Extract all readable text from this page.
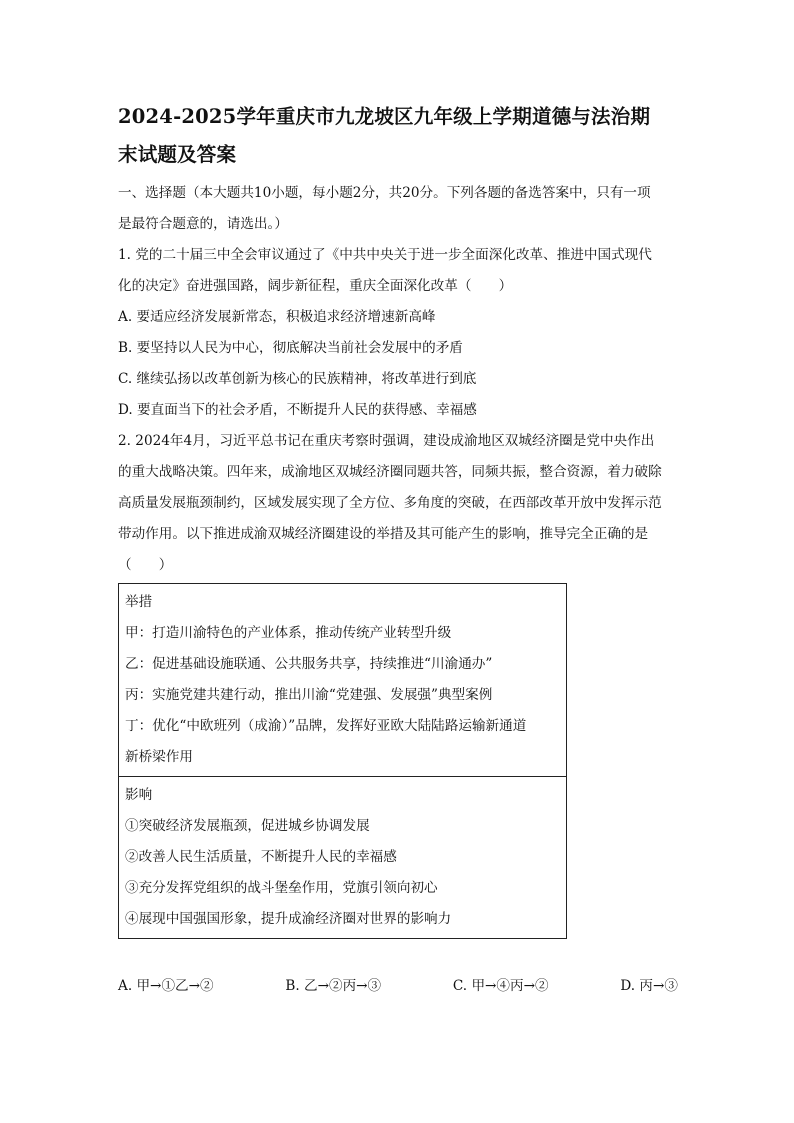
2024-2025学年重庆市九龙坡区九年级上学期道德与法治期
末试题及答案

一、选择题（本大题共10小题，每小题2分，共20分。下列各题的备选答案中，只有一项

是最符合题意的，请选出。）

1. 党的二十届三中全会审议通过了《中共中央关于进一步全面深化改革、推进中国式现代

化的决定》奋进强国路，阔步新征程，重庆全面深化改革（　　）

A. 要适应经济发展新常态，积极追求经济增速新高峰

B. 要坚持以人民为中心，彻底解决当前社会发展中的矛盾

C. 继续弘扬以改革创新为核心的民族精神，将改革进行到底

D. 要直面当下的社会矛盾，不断提升人民的获得感、幸福感

2. 2024年4月，习近平总书记在重庆考察时强调，建设成渝地区双城经济圈是党中央作出

的重大战略决策。四年来，成渝地区双城经济圈同题共答，同频共振，整合资源，着力破除

高质量发展瓶颈制约，区域发展实现了全方位、多角度的突破，在西部改革开放中发挥示范

带动作用。以下推进成渝双城经济圈建设的举措及其可能产生的影响，推导完全正确的是

（　　）

举措

甲：打造川渝特色的产业体系，推动传统产业转型升级

乙：促进基础设施联通、公共服务共享，持续推进“川渝通办”

丙：实施党建共建行动，推出川渝“党建强、发展强”典型案例

丁：优化“中欧班列（成渝）”品牌，发挥好亚欧大陆陆路运输新通道

新桥梁作用

影响

①突破经济发展瓶颈，促进城乡协调发展

②改善人民生活质量，不断提升人民的幸福感

③充分发挥党组织的战斗堡垒作用，党旗引领向初心

④展现中国强国形象，提升成渝经济圈对世界的影响力

A. 甲→①乙→②	B. 乙→②丙→③	C. 甲→④丙→②	D. 丙→③
